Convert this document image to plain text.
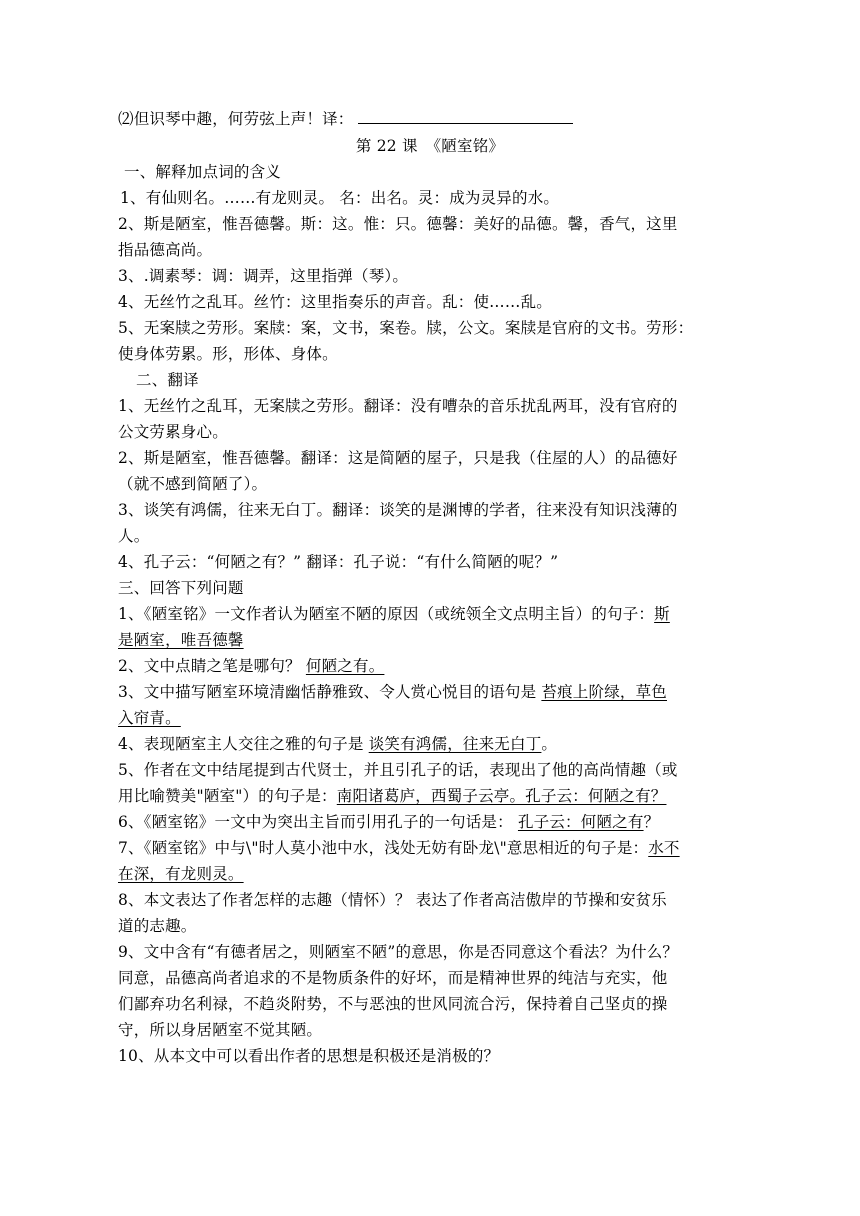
⑵但识琴中趣，何劳弦上声！译：
第 22 课　《陋室铭》
一、解释加点词的含义
1、有仙则名。……有龙则灵。 名：出名。灵：成为灵异的水。
2、斯是陋室，惟吾德馨。斯：这。惟：只。德馨：美好的品德。馨，香气，这里
指品德高尚。
3、.调素琴：调：调弄，这里指弹（琴）。
4、无丝竹之乱耳。丝竹：这里指奏乐的声音。乱：使……乱。
5、无案牍之劳形。案牍：案，文书，案卷。牍，公文。案牍是官府的文书。劳形：
使身体劳累。形，形体、身体。
二、翻译
1、无丝竹之乱耳，无案牍之劳形。翻译：没有嘈杂的音乐扰乱两耳，没有官府的
公文劳累身心。
2、斯是陋室，惟吾德馨。翻译：这是简陋的屋子，只是我（住屋的人）的品德好
（就不感到简陋了）。
3、谈笑有鸿儒，往来无白丁。翻译：谈笑的是渊博的学者，往来没有知识浅薄的
人。
4、孔子云：“何陋之有？” 翻译：孔子说：“有什么简陋的呢？”
三、回答下列问题
1、《陋室铭》一文作者认为陋室不陋的原因（或统领全文点明主旨）的句子：斯
是陋室，唯吾德馨
2、文中点睛之笔是哪句？ 何陋之有。
3、文中描写陋室环境清幽恬静雅致、令人赏心悦目的语句是 苔痕上阶绿，草色
入帘青。
4、表现陋室主人交往之雅的句子是 谈笑有鸿儒，往来无白丁。
5、作者在文中结尾提到古代贤士，并且引孔子的话，表现出了他的高尚情趣（或
用比喻赞美"陋室"）的句子是：南阳诸葛庐，西蜀子云亭。孔子云：何陋之有？
6、《陋室铭》一文中为突出主旨而引用孔子的一句话是： 孔子云：何陋之有？
7、《陋室铭》中与\"时人莫小池中水，浅处无妨有卧龙\"意思相近的句子是：水不
在深，有龙则灵。
8、本文表达了作者怎样的志趣（情怀）？ 表达了作者高洁傲岸的节操和安贫乐
道的志趣。
9、文中含有“有德者居之，则陋室不陋”的意思，你是否同意这个看法？为什么？
同意，品德高尚者追求的不是物质条件的好坏，而是精神世界的纯洁与充实，他
们鄙弃功名利禄，不趋炎附势，不与恶浊的世风同流合污，保持着自己坚贞的操
守，所以身居陋室不觉其陋。
10、从本文中可以看出作者的思想是积极还是消极的？
